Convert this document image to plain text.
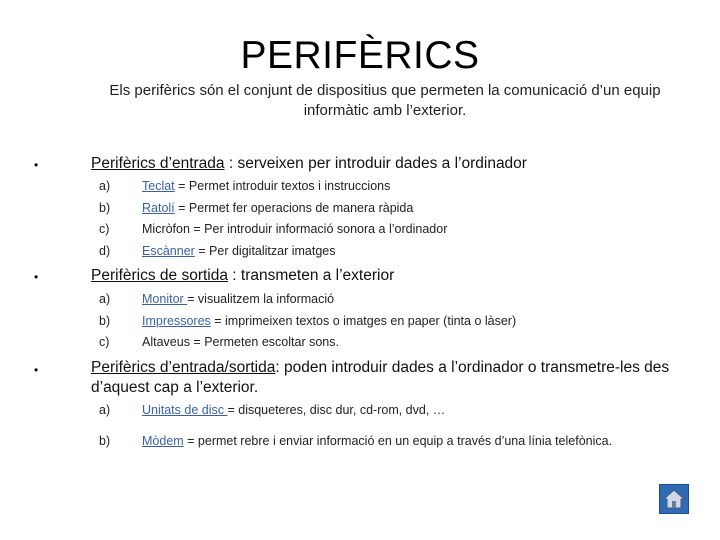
PERIFÈRICS
Els perifèrics són el conjunt de dispositius que permeten la comunicació d’un equip informàtic amb l’exterior.
•	Perifèrics d’entrada : serveixen per introduir dades a l’ordinador
a)	Teclat = Permet introduir textos i instruccions
b)	Ratolí = Permet fer operacions de manera ràpida
c)	Micròfon = Per introduir informació sonora a l’ordinador
d)	Escànner = Per digitalitzar imatges
•	Perifèrics de sortida : transmeten a l’exterior
a)	Monitor = visualitzem la informació
b)	Impressores = imprimeixen textos o imatges en paper (tinta o làser)
c)	Altaveus = Permeten escoltar sons.
•	Perifèrics d’entrada/sortida: poden introduir dades a l’ordinador o transmetre-les des d’aquest cap a l’exterior.
a)	Unitats de disc = disqueteres, disc dur, cd-rom, dvd, …
b)	Mòdem = permet rebre i enviar informació en un equip a través d’una línia telefònica.
